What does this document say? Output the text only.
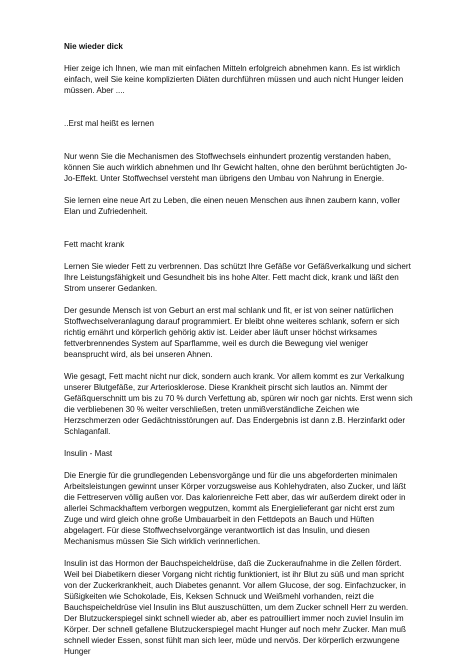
Nie wieder dick

Hier zeige ich Ihnen, wie man mit einfachen Mitteln erfolgreich abnehmen kann. Es ist wirklich einfach, weil Sie keine komplizierten Diäten durchführen müssen und auch nicht Hunger leiden müssen. Aber ....

..Erst mal heißt es lernen

Nur wenn Sie die Mechanismen des Stoffwechsels einhundert prozentig verstanden haben, können Sie auch wirklich abnehmen und Ihr Gewicht halten, ohne den berühmt berüchtigten Jo-Jo-Effekt. Unter Stoffwechsel versteht man übrigens den Umbau von Nahrung in Energie.

Sie lernen eine neue Art zu Leben, die einen neuen Menschen aus ihnen zaubern kann, voller Elan und Zufriedenheit.

Fett macht krank

Lernen Sie wieder Fett zu verbrennen. Das schützt Ihre Gefäße vor Gefäßverkalkung und sichert Ihre Leistungsfähigkeit und Gesundheit bis ins hohe Alter. Fett macht dick, krank und läßt den Strom unserer Gedanken.

Der gesunde Mensch ist von Geburt an erst mal schlank und fit, er ist von seiner natürlichen Stoffwechselveranlagung darauf programmiert. Er bleibt ohne weiteres schlank, sofern er sich richtig ernährt und körperlich gehörig aktiv ist. Leider aber läuft unser höchst wirksames fettverbrennendes System auf Sparflamme, weil es durch die Bewegung viel weniger beansprucht wird, als bei unseren Ahnen.

Wie gesagt, Fett macht nicht nur dick, sondern auch krank. Vor allem kommt es zur Verkalkung unserer Blutgefäße, zur Arteriosklerose. Diese Krankheit pirscht sich lautlos an. Nimmt der Gefäßquerschnitt um bis zu 70 % durch Verfettung ab, spüren wir noch gar nichts. Erst wenn sich die verbliebenen 30 % weiter verschließen, treten unmißverständliche Zeichen wie Herzschmerzen oder Gedächtnisstörungen auf. Das Endergebnis ist dann z.B. Herzinfarkt oder Schlaganfall.

Insulin - Mast

Die Energie für die grundlegenden Lebensvorgänge und für die uns abgeforderten minimalen Arbeitsleistungen gewinnt unser Körper vorzugsweise aus Kohlehydraten, also Zucker, und läßt die Fettreserven völlig außen vor. Das kalorienreiche Fett aber, das wir außerdem direkt oder in allerlei Schmackhaftem verborgen wegputzen, kommt als Energielieferant gar nicht erst zum Zuge und wird gleich ohne große Umbauarbeit in den Fettdepots an Bauch und Hüften abgelagert. Für diese Stoffwechselvorgänge verantwortlich ist das Insulin, und diesen Mechanismus müssen Sie Sich wirklich verinnerlichen.

Insulin ist das Hormon der Bauchspeicheldrüse, daß die Zuckeraufnahme in die Zellen fördert. Weil bei Diabetikern dieser Vorgang nicht richtig funktioniert, ist ihr Blut zu süß und man spricht von der Zuckerkrankheit, auch Diabetes genannt. Vor allem Glucose, der sog. Einfachzucker, in Süßigkeiten wie Schokolade, Eis, Keksen Schnuck und Weißmehl vorhanden, reizt die Bauchspeicheldrüse viel Insulin ins Blut auszuschütten, um dem Zucker schnell Herr zu werden. Der Blutzuckerspiegel sinkt schnell wieder ab, aber es patrouilliert immer noch zuviel Insulin im Körper. Der schnell gefallene Blutzuckerspiegel macht Hunger auf noch mehr Zucker. Man muß schnell wieder Essen, sonst fühlt man sich leer, müde und nervös. Der körperlich erzwungene Hunger
